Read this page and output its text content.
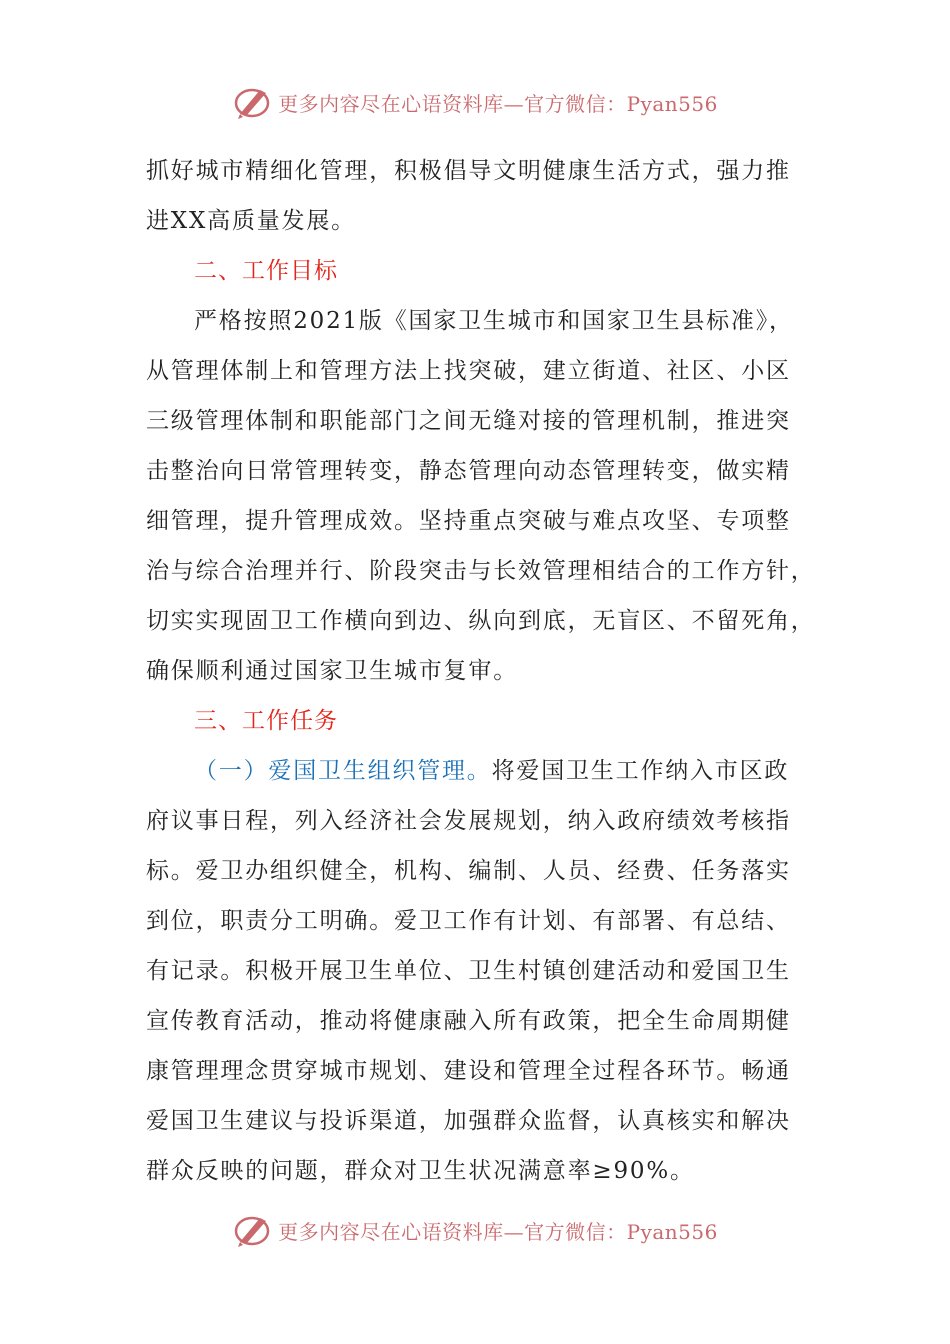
更多内容尽在心语资料库—官方微信：Pyan556

抓好城市精细化管理，积极倡导文明健康生活方式，强力推

进XX高质量发展。

二、工作目标

严格按照2021版《国家卫生城市和国家卫生县标准》，

从管理体制上和管理方法上找突破，建立街道、社区、小区

三级管理体制和职能部门之间无缝对接的管理机制，推进突

击整治向日常管理转变，静态管理向动态管理转变，做实精

细管理，提升管理成效。坚持重点突破与难点攻坚、专项整

治与综合治理并行、阶段突击与长效管理相结合的工作方针，

切实实现固卫工作横向到边、纵向到底，无盲区、不留死角，

确保顺利通过国家卫生城市复审。

三、工作任务

（一）爱国卫生组织管理。将爱国卫生工作纳入市区政

府议事日程，列入经济社会发展规划，纳入政府绩效考核指

标。爱卫办组织健全，机构、编制、人员、经费、任务落实

到位，职责分工明确。爱卫工作有计划、有部署、有总结、

有记录。积极开展卫生单位、卫生村镇创建活动和爱国卫生

宣传教育活动，推动将健康融入所有政策，把全生命周期健

康管理理念贯穿城市规划、建设和管理全过程各环节。畅通

爱国卫生建议与投诉渠道，加强群众监督，认真核实和解决

群众反映的问题，群众对卫生状况满意率≥90%。

更多内容尽在心语资料库—官方微信：Pyan556
